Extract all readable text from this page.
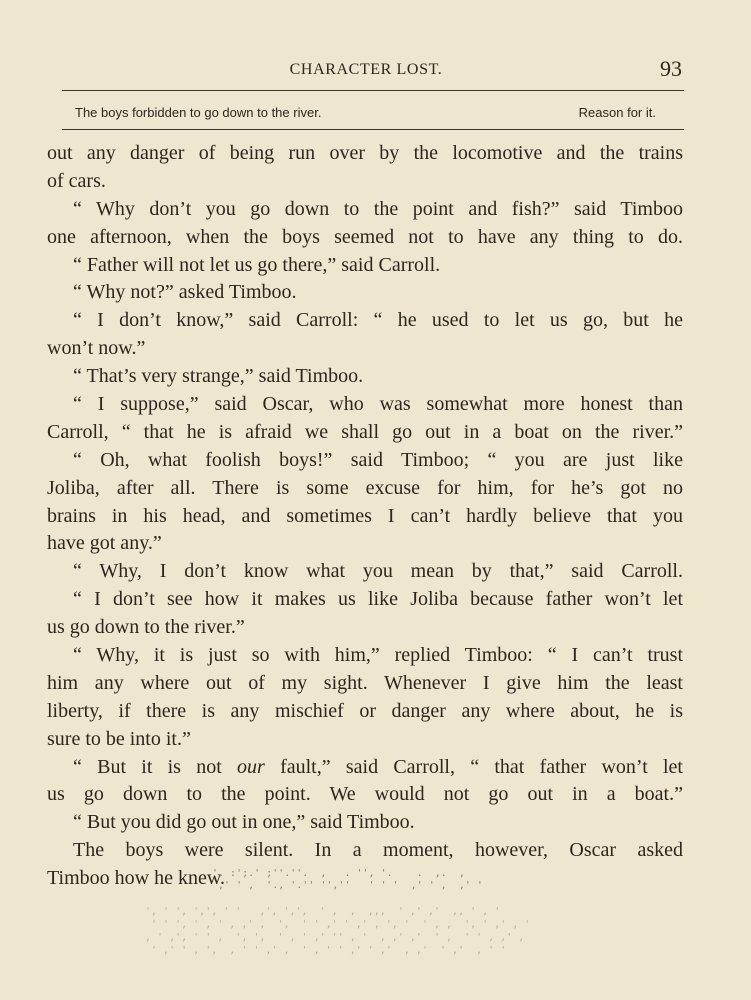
CHARACTER LOST.	93
The boys forbidden to go down to the river.	Reason for it.
out any danger of being run over by the locomotive and the trains
of cars.
“ Why don’t you go down to the point and fish?” said Timboo
one afternoon, when the boys seemed not to have any thing to do.
“ Father will not let us go there,” said Carroll.
“ Why not?” asked Timboo.
“ I don’t know,” said Carroll: “ he used to let us go, but he
won’t now.”
“ That’s very strange,” said Timboo.
“ I suppose,” said Oscar, who was somewhat more honest than
Carroll, “ that he is afraid we shall go out in a boat on the river.”
“ Oh, what foolish boys!” said Timboo; “ you are just like
Joliba, after all. There is some excuse for him, for he’s got no
brains in his head, and sometimes I can’t hardly believe that you
have got any.”
“ Why, I don’t know what you mean by that,” said Carroll.
“ I don’t see how it makes us like Joliba because father won’t let
us go down to the river.”
“ Why, it is just so with him,” replied Timboo: “ I can’t trust
him any where out of my sight. Whenever I give him the least
liberty, if there is any mischief or danger any where about, he is
sure to be into it.”
“ But it is not our fault,” said Carroll, “ that father won’t let
us go down to the point. We would not go out in a boat.”
“ But you did go out in one,” said Timboo.
The boys were silent. In a moment, however, Oscar asked
Timboo how he knew.
'. :';.' ;''.''.  ,   . '', '.    .  ,.  ,
,' ' ,  '., '.'' '',''   ' ' '  ,' ' ,  ,' '
', ' ', ',', ' '   ,', ',',  ' ,  ,  ,,,  ' ,' ,'  ,, ' , '
' ' ', ' , ' , ,' ,  ',  ' ' ,' ' ,' , ', '  ' , ,  ', ' ,' , '
, ' ,', ' ' ,  ', ',  ' , ' ,' '' , '  , ,' ,'  ' ,  ' ' , ,' ,
' ,' ' , ',  , ' ' ,' ,  ' , ' ' ,' ' ,'  , ,'  ' ,'  , ' '
